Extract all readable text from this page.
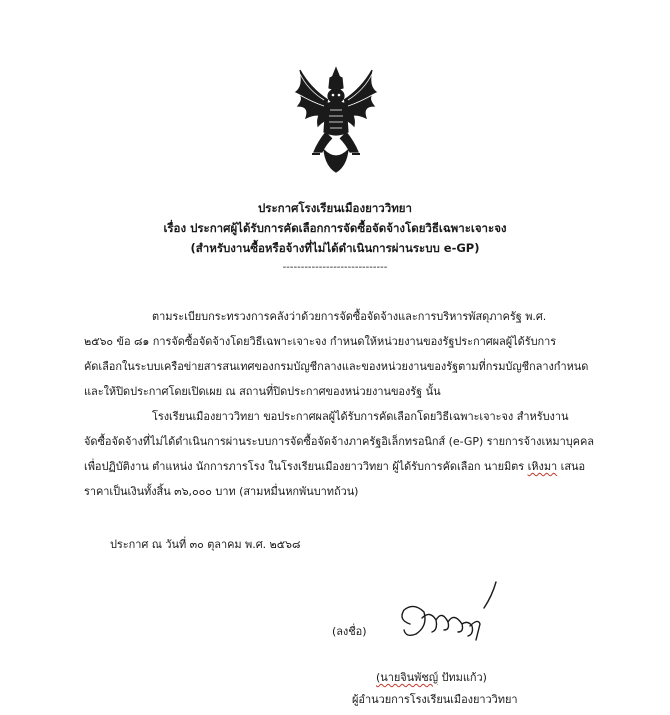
ประกาศโรงเรียนเมืองยาววิทยา
เรื่อง ประกาศผู้ได้รับการคัดเลือกการจัดซื้อจัดจ้างโดยวิธีเฉพาะเจาะจง
(สำหรับงานซื้อหรือจ้างที่ไม่ได้ดำเนินการผ่านระบบ e-GP)
-----------------------------
ตามระเบียบกระทรวงการคลังว่าด้วยการจัดซื้อจัดจ้างและการบริหารพัสดุภาครัฐ พ.ศ.
๒๕๖๐ ข้อ ๘๑ การจัดซื้อจัดจ้างโดยวิธีเฉพาะเจาะจง กำหนดให้หน่วยงานของรัฐประกาศผลผู้ได้รับการ
คัดเลือกในระบบเครือข่ายสารสนเทศของกรมบัญชีกลางและของหน่วยงานของรัฐตามที่กรมบัญชีกลางกำหนด
และให้ปิดประกาศโดยเปิดเผย ณ สถานที่ปิดประกาศของหน่วยงานของรัฐ นั้น
โรงเรียนเมืองยาววิทยา ขอประกาศผลผู้ได้รับการคัดเลือกโดยวิธีเฉพาะเจาะจง สำหรับงาน
จัดซื้อจัดจ้างที่ไม่ได้ดำเนินการผ่านระบบการจัดซื้อจัดจ้างภาครัฐอิเล็กทรอนิกส์ (e-GP) รายการจ้างเหมาบุคคล
เพื่อปฏิบัติงาน ตำแหน่ง นักการภารโรง ในโรงเรียนเมืองยาววิทยา ผู้ได้รับการคัดเลือก นายมิตร เหิงมา เสนอ
ราคาเป็นเงินทั้งสิ้น ๓๖,๐๐๐ บาท (สามหมื่นหกพันบาทถ้วน)
ประกาศ ณ วันที่ ๓๐ ตุลาคม พ.ศ. ๒๕๖๘
(ลงชื่อ)
(นายจินพัชญ์ ปัทมแก้ว)
ผู้อำนวยการโรงเรียนเมืองยาววิทยา
